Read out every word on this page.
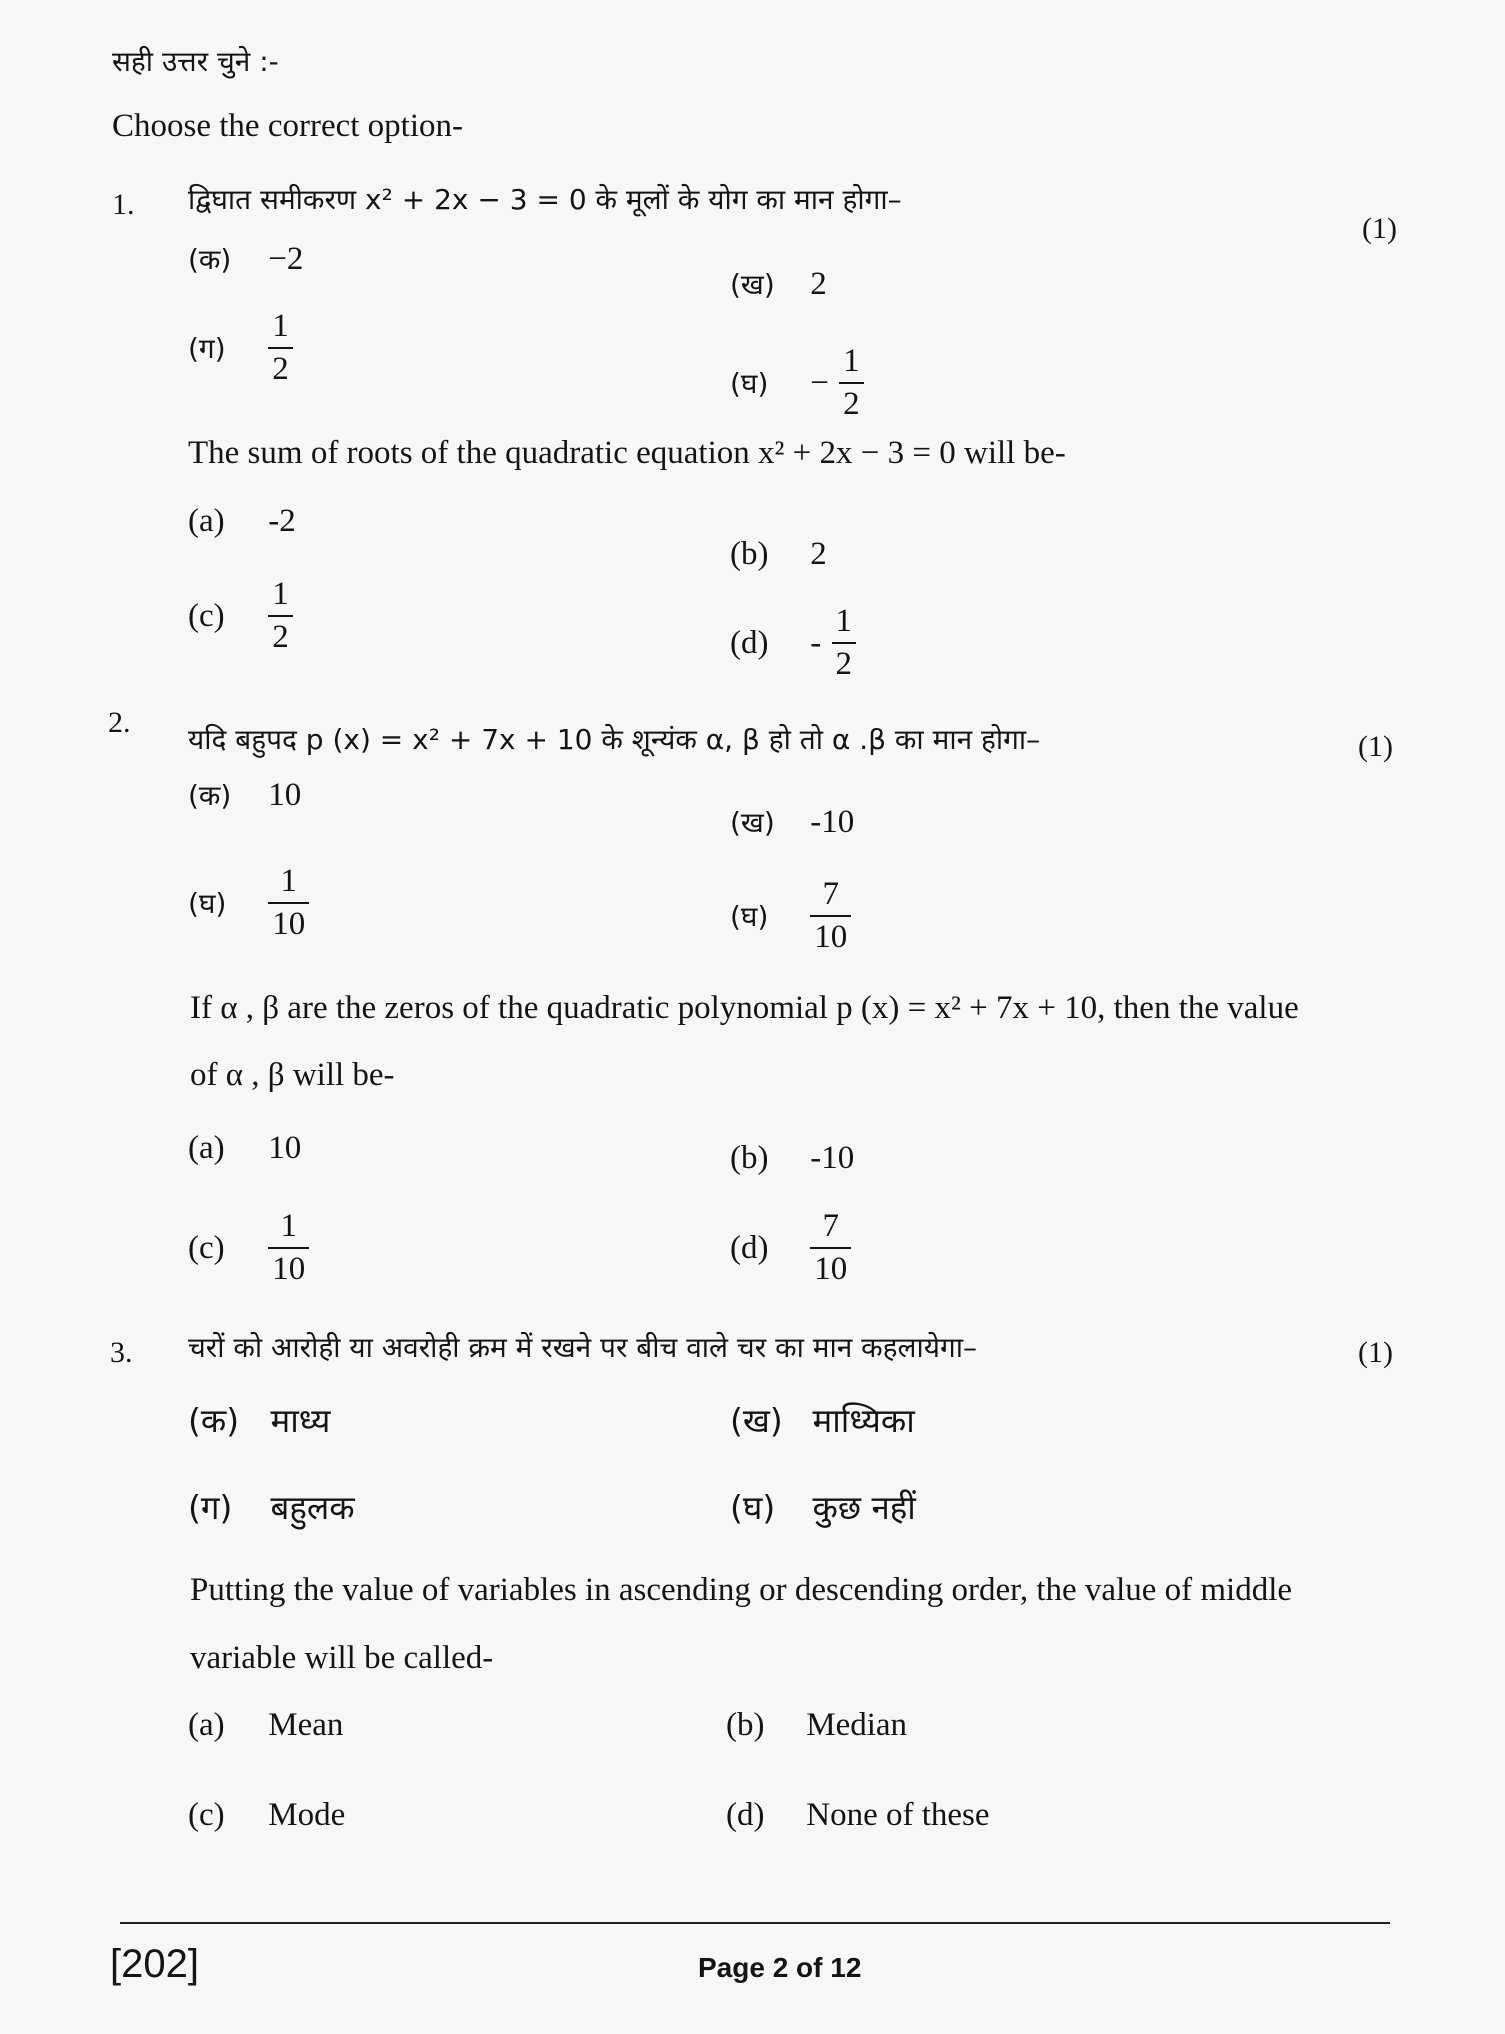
सही उत्तर चुने :-
Choose the correct option-
1. द्विघात समीकरण x² + 2x − 3 = 0 के मूलों के योग का मान होगा–
(1)
(क) −2
(ख) 2
(ग) $\frac{1}{2}$	(घ) − $\frac{1}{2}$
The sum of roots of the quadratic equation x² + 2x − 3 = 0 will be-
(a) -2
(b) 2
$(c) \frac{1}{2}$	$(d) - \frac{1}{2}$
2.
यदि बहुपद p (x) = x² + 7x + 10 के शून्यंक α, β हो तो α .β का मान होगा–	(1)
(क) 10
(ख) -10
(घ) $\frac{1}{10}$	(घ) $\frac{7}{10}$
If α , β are the zeros of the quadratic polynomial p (x) = x² + 7x + 10, then the value
of α , β will be-
(a) 10	(b) -10
$(c) \frac{1}{10}$	$(d) \frac{7}{10}$
3. चरों को आरोही या अवरोही क्रम में रखने पर बीच वाले चर का मान कहलायेगा–	(1)
(क) माध्य	(ख) माध्यिका
(ग) बहुलक	(घ) कुछ नहीं
Putting the value of variables in ascending or descending order, the value of middle
variable will be called-
(a) Mean	(b) Median
(c) Mode	(d) None of these
[202]	Page 2 of 12
